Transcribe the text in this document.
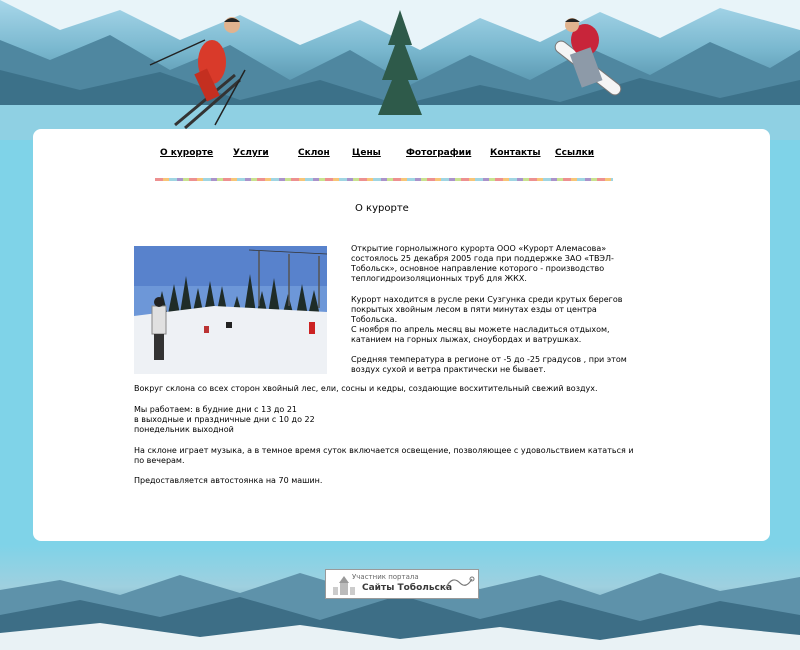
О курорте Услуги	Склон Цены	Фотографии Контакты Ссылки
О курорте
Открытие горнолыжного курорта ООО «Курорт Алемасова» состоялось 25 декабря 2005 года при поддержке ЗАО «ТВЭЛ-Тобольск», основное направление которого - производство теплогидроизоляционных труб для ЖКХ.
Курорт находится в русле реки Сузгунка среди крутых берегов покрытых хвойным лесом в пяти минутах езды от центра Тобольска.
С ноября по апрель месяц вы можете насладиться отдыхом, катанием на горных лыжах, сноубордах и ватрушках.
Средняя температура в регионе от -5 до -25 градусов , при этом воздух сухой и ветра практически не бывает.
Вокруг склона со всех сторон хвойный лес, ели, сосны и кедры, создающие восхитительный свежий воздух.
Мы работаем: в будние дни с 13 до 21
в выходные и праздничные дни с 10 до 22
понедельник выходной
На склоне играет музыка, а в темное время суток включается освещение, позволяющее с удовольствием кататься и по вечерам.
Предоставляется автостоянка на 70 машин.
Участник портала
Сайты Тобольска
